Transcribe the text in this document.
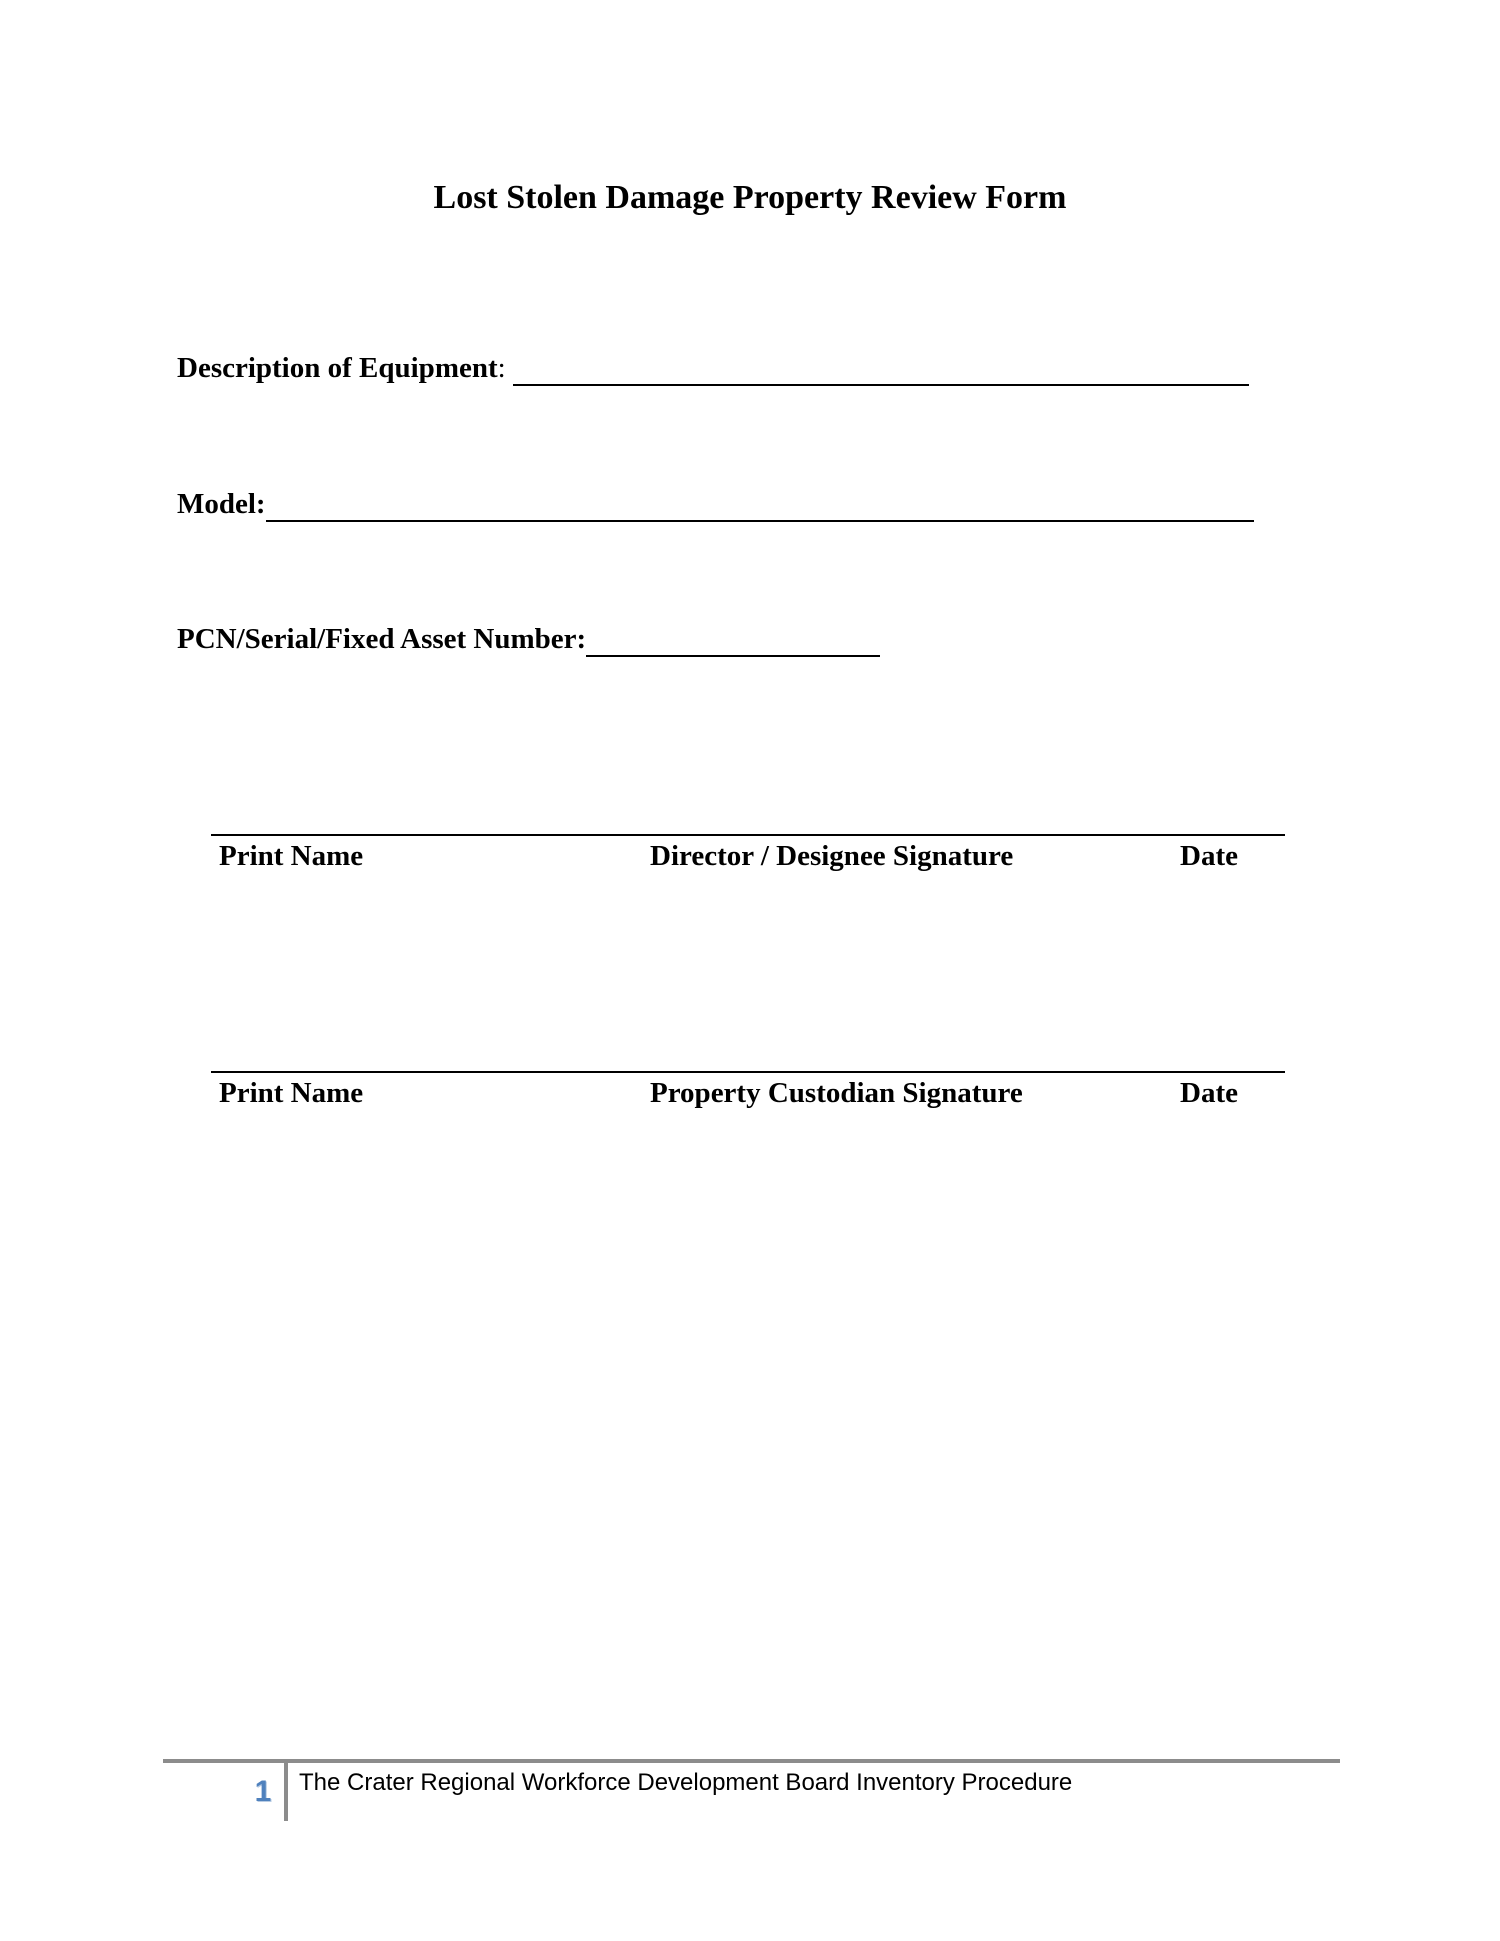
Lost Stolen Damage Property Review Form
Description of Equipment :

Model:
PCN/Serial/Fixed Asset Number:
Print Name	Director / Designee Signature	Date
Print Name	Property Custodian Signature	Date
1 The Crater Regional Workforce Development Board Inventory Procedure
